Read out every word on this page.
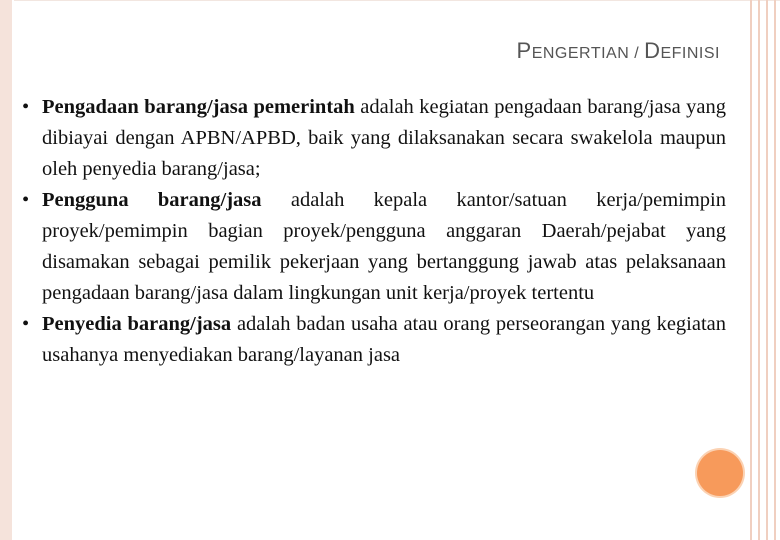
PENGERTIAN / DEFINISI
• Pengadaan barang/jasa pemerintah adalah kegiatan pengadaan barang/jasa yang dibiayai dengan APBN/APBD, baik yang dilaksanakan secara swakelola maupun oleh penyedia barang/jasa;
• Pengguna barang/jasa adalah kepala kantor/satuan kerja/pemimpin proyek/pemimpin bagian proyek/pengguna anggaran Daerah/pejabat yang disamakan sebagai pemilik pekerjaan yang bertanggung jawab atas pelaksanaan pengadaan barang/jasa dalam lingkungan unit kerja/proyek tertentu
• Penyedia barang/jasa adalah badan usaha atau orang perseorangan yang kegiatan usahanya menyediakan barang/layanan jasa
